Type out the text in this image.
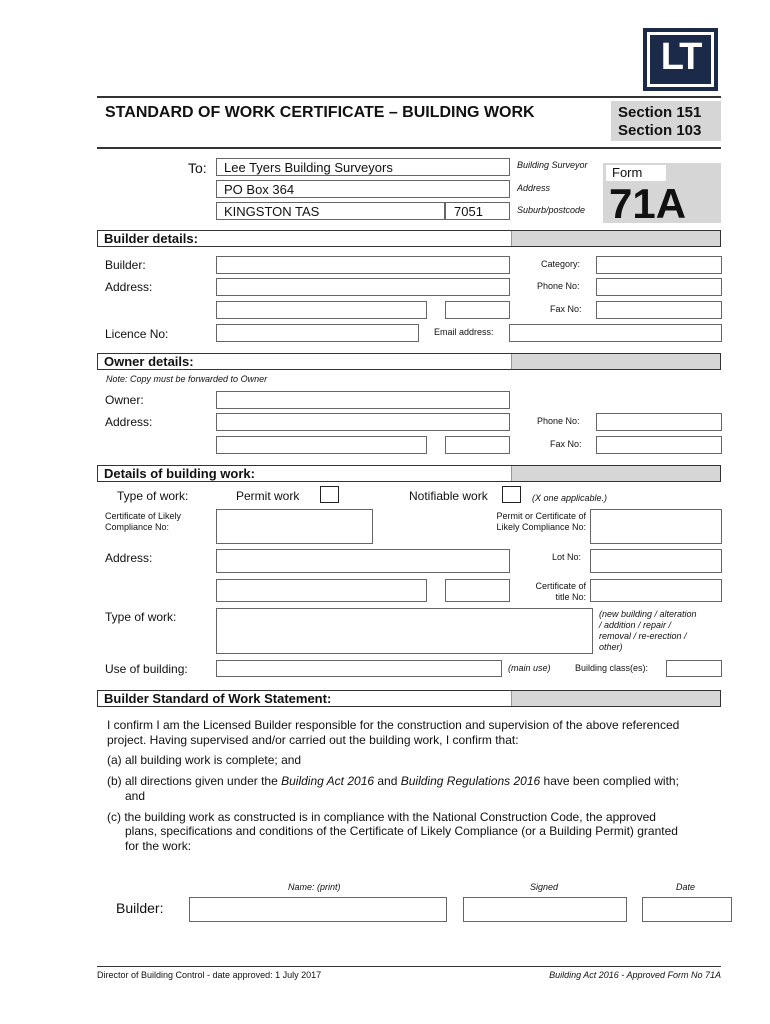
LT
STANDARD OF WORK CERTIFICATE – BUILDING WORK	Section 151
Section 103
To: Lee Tyers Building Surveyors	Building Surveyor
PO Box 364	Address
KINGSTON TAS	7051	Suburb/postcode
Form
71A
Builder details:
Builder:	Category:
Address:	Phone No:
Fax No:
Licence No:	Email address:
Owner details:
Note: Copy must be forwarded to Owner
Owner:
Address:	Phone No:
Fax No:
Details of building work:
Type of work:	Permit work	Notifiable work	(X one applicable.)
Certificate of Likely
Compliance No:
Permit or Certificate of
Likely Compliance No:
Address:	Lot No:
Certificate of
title No:
Type of work:	(new building / alteration
/ addition / repair /
removal / re-erection /
other)
Use of building:	(main use)	Building class(es):
Builder Standard of Work Statement:
I confirm I am the Licensed Builder responsible for the construction and supervision of the above referenced
project. Having supervised and/or carried out the building work, I confirm that:
(a) all building work is complete; and
(b) all directions given under the Building Act 2016 and Building Regulations 2016 have been complied with;
and
(c) the building work as constructed is in compliance with the National Construction Code, the approved
plans, specifications and conditions of the Certificate of Likely Compliance (or a Building Permit) granted
for the work:
Name: (print)	Signed	Date
Builder:
Director of Building Control - date approved: 1 July 2017	Building Act 2016 - Approved Form No 71A
